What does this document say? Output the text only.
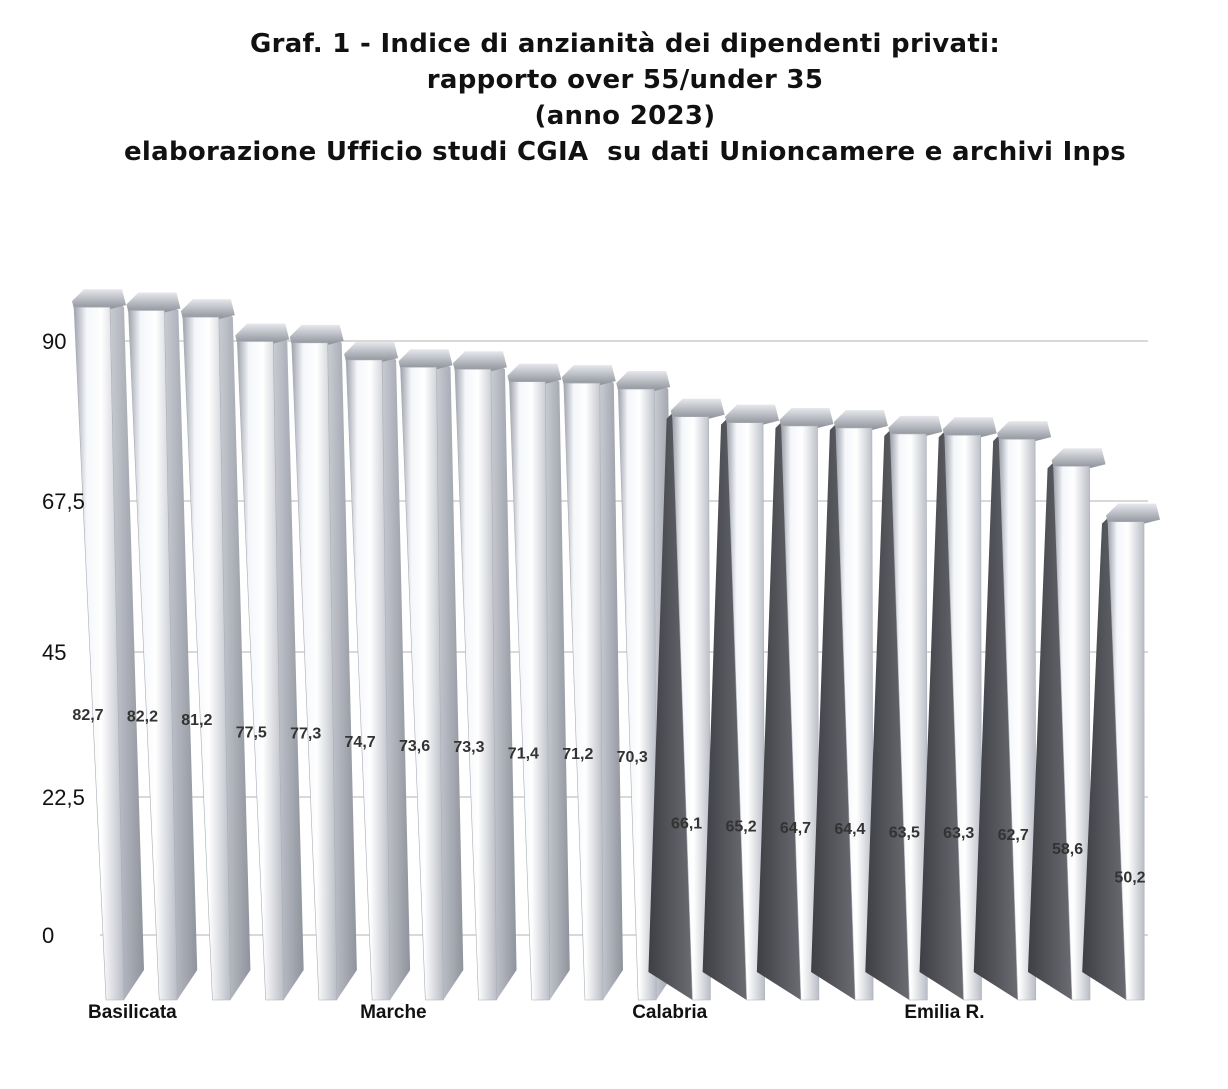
Graf. 1 - Indice di anzianità dei dipendenti privati:
rapporto over 55/under 35
(anno 2023)
elaborazione Ufficio studi CGIA  su dati Unioncamere e archivi Inps
90
67,5
45
22,5
0
82,7 82,2 81,2
77,5 77,3
74,7 73,6 73,3 71,4 71,2 70,3
66,1 65,2 64,7 64,4 63,5 63,3 62,7
58,6
50,2
Basilicata	Marche	Calabria	Emilia R.
